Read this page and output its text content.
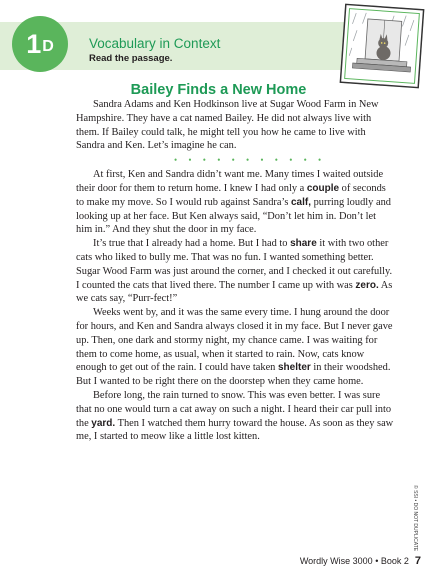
1 D	Vocabulary in Context
Read the passage.
Bailey Finds a New Home

Sandra Adams and Ken Hodkinson live at Sugar Wood Farm in New Hampshire. They have a cat named Bailey. He did not always live with them. If Bailey could talk, he might tell you how he came to live with Sandra and Ken. Let’s imagine he can.

• • • • • • • • • • •

At first, Ken and Sandra didn’t want me. Many times I waited outside their door for them to return home. I knew I had only a couple of seconds to make my move. So I would rub against Sandra’s calf, purring loudly and looking up at her face. But Ken always said, “Don’t let him in. Don’t let him in.” And they shut the door in my face.

It’s true that I already had a home. But I had to share it with two other cats who liked to bully me. That was no fun. I wanted something better. Sugar Wood Farm was just around the corner, and I checked it out carefully. I counted the cats that lived there. The number I came up with was zero. As we cats say, “Purr-fect!”

Weeks went by, and it was the same every time. I hung around the door for hours, and Ken and Sandra always closed it in my face. But I never gave up. Then, one dark and stormy night, my chance came. I was waiting for them to come home, as usual, when it started to rain. Now, cats know enough to get out of the rain. I could have taken shelter in their woodshed. But I wanted to be right there on the doorstep when they came home.

Before long, the rain turned to snow. This was even better. I was sure that no one would turn a cat away on such a night. I heard their car pull into the yard. Then I watched them hurry toward the house. As soon as they saw me, I started to meow like a little lost kitten.

© SSI • DO NOT DUPLICATE
Wordly Wise 3000 • Book 2 7
